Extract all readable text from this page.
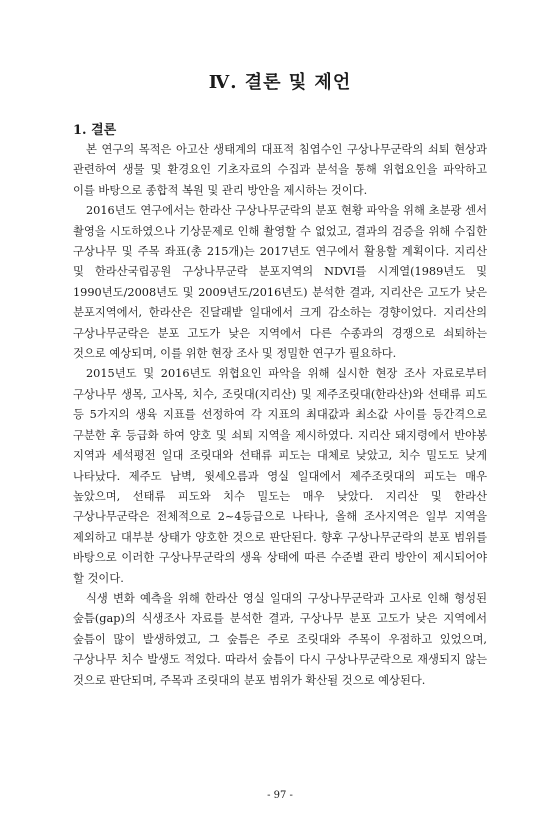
Ⅳ. 결론 및 제언
1. 결론

본 연구의 목적은 아고산 생태계의 대표적 침엽수인 구상나무군락의 쇠퇴 현상과 관련하여 생물 및 환경요인 기초자료의 수집과 분석을 통해 위협요인을 파악하고 이를 바탕으로 종합적 복원 및 관리 방안을 제시하는 것이다.

2016년도 연구에서는 한라산 구상나무군락의 분포 현황 파악을 위해 초분광 센서 촬영을 시도하였으나 기상문제로 인해 촬영할 수 없었고, 결과의 검증을 위해 수집한 구상나무 및 주목 좌표(총 215개)는 2017년도 연구에서 활용할 계획이다. 지리산 및 한라산국립공원 구상나무군락 분포지역의 NDVI를 시계열(1989년도 및 1990년도/2008년도 및 2009년도/2016년도) 분석한 결과, 지리산은 고도가 낮은 분포지역에서, 한라산은 진달래밭 일대에서 크게 감소하는 경향이었다. 지리산의 구상나무군락은 분포 고도가 낮은 지역에서 다른 수종과의 경쟁으로 쇠퇴하는 것으로 예상되며, 이를 위한 현장 조사 및 정밀한 연구가 필요하다.

2015년도 및 2016년도 위협요인 파악을 위해 실시한 현장 조사 자료로부터 구상나무 생목, 고사목, 치수, 조릿대(지리산) 및 제주조릿대(한라산)와 선태류 피도 등 5가지의 생육 지표를 선정하여 각 지표의 최대값과 최소값 사이를 등간격으로 구분한 후 등급화 하여 양호 및 쇠퇴 지역을 제시하였다. 지리산 돼지령에서 반야봉 지역과 세석평전 일대 조릿대와 선태류 피도는 대체로 낮았고, 치수 밀도도 낮게 나타났다. 제주도 남벽, 윗세오름과 영실 일대에서 제주조릿대의 피도는 매우 높았으며, 선태류 피도와 치수 밀도는 매우 낮았다. 지리산 및 한라산 구상나무군락은 전체적으로 2~4등급으로 나타나, 올해 조사지역은 일부 지역을 제외하고 대부분 상태가 양호한 것으로 판단된다. 향후 구상나무군락의 분포 범위를 바탕으로 이러한 구상나무군락의 생육 상태에 따른 수준별 관리 방안이 제시되어야 할 것이다.

식생 변화 예측을 위해 한라산 영실 일대의 구상나무군락과 고사로 인해 형성된 숲틈(gap)의 식생조사 자료를 분석한 결과, 구상나무 분포 고도가 낮은 지역에서 숲틈이 많이 발생하였고, 그 숲틈은 주로 조릿대와 주목이 우점하고 있었으며, 구상나무 치수 발생도 적었다. 따라서 숲틈이 다시 구상나무군락으로 재생되지 않는 것으로 판단되며, 주목과 조릿대의 분포 범위가 확산될 것으로 예상된다.

- 97 -
